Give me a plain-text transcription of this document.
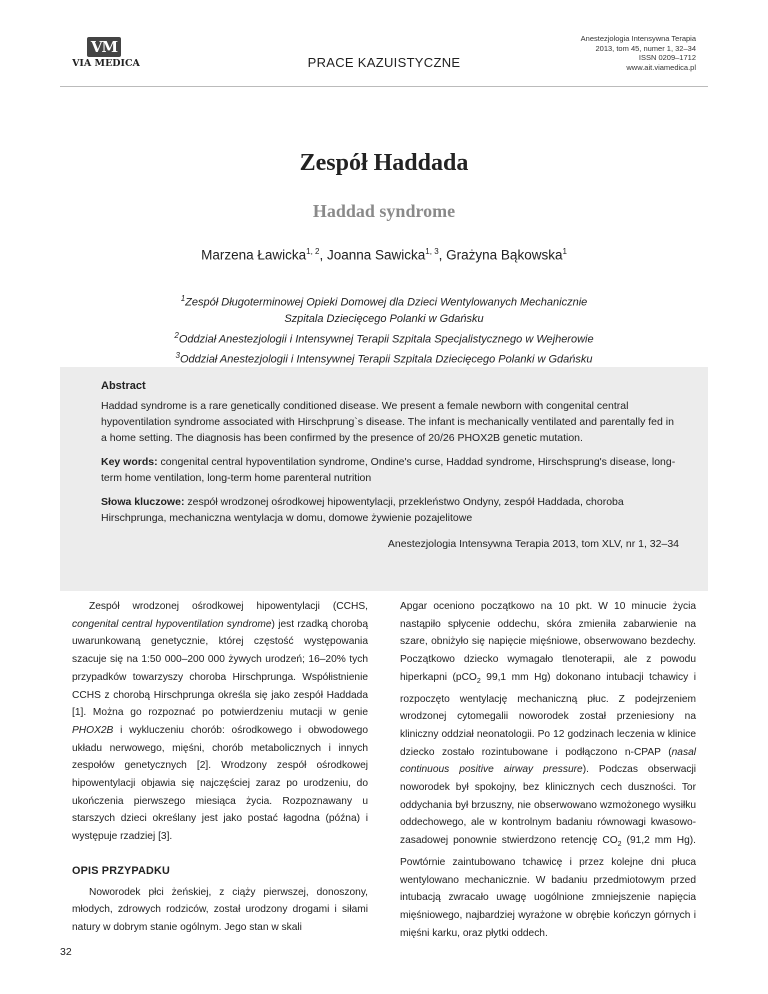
VM
VIA MEDICA	PRACE KAZUISTYCZNE
Anestezjologia Intensywna Terapia
2013, tom 45, numer 1, 32–34
ISSN 0209–1712
www.ait.viamedica.pl
Zespół Haddada
Haddad syndrome
Marzena Ławicka$^{1, 2}$, Joanna Sawicka$^{1, 3}$, Grażyna Bąkowska$^1$
$^1$Zespół Długoterminowej Opieki Domowej dla Dzieci Wentylowanych Mechanicznie
Szpitala Dziecięcego Polanki w Gdańsku
$^2$Oddział Anestezjologii i Intensywnej Terapii Szpitala Specjalistycznego w Wejherowie
$^3$Oddział Anestezjologii i Intensywnej Terapii Szpitala Dziecięcego Polanki w Gdańsku
Abstract
Haddad syndrome is a rare genetically conditioned disease. We present a female newborn with congenital central hypoventilation syndrome associated with Hirschprung`s disease. The infant is mechanically ventilated and parentally fed in a home setting. The diagnosis has been confirmed by the presence of 20/26 PHOX2B genetic mutation.
Key words: congenital central hypoventilation syndrome, Ondine's curse, Haddad syndrome, Hirschsprung's disease, long-term home ventilation, long-term home parenteral nutrition
Słowa kluczowe: zespół wrodzonej ośrodkowej hipowentylacji, przekleństwo Ondyny, zespół Haddada, choroba Hirschprunga, mechaniczna wentylacja w domu, domowe żywienie pozajelitowe
Anestezjologia Intensywna Terapia 2013, tom XLV, nr 1, 32–34

Zespół wrodzonej ośrodkowej hipowentylacji (CCHS, congenital central hypoventilation syndrome) jest rzadką chorobą uwarunkowaną genetycznie, której częstość występowania szacuje się na 1:50 000–200 000 żywych urodzeń; 16–20% tych przypadków towarzyszy choroba Hirschprunga. Współistnienie CCHS z chorobą Hirschprunga określa się jako zespół Haddada [1]. Można go rozpoznać po potwierdzeniu mutacji w genie PHOX2B i wykluczeniu chorób: ośrodkowego i obwodowego układu nerwowego, mięśni, chorób metabolicznych i innych zespołów genetycznych [2]. Wrodzony zespół ośrodkowej hipowentylacji objawia się najczęściej zaraz po urodzeniu, do ukończenia pierwszego miesiąca życia. Rozpoznawany u starszych dzieci określany jest jako postać łagodna (późna) i występuje rzadziej [3].

OPIS PRZYPADKU

Noworodek płci żeńskiej, z ciąży pierwszej, donoszony, młodych, zdrowych rodziców, został urodzony drogami i siłami natury w dobrym stanie ogólnym. Jego stan w skali

Apgar oceniono początkowo na 10 pkt. W 10 minucie życia nastąpiło spłycenie oddechu, skóra zmieniła zabarwienie na szare, obniżyło się napięcie mięśniowe, obserwowano bezdechy. Początkowo dziecko wymagało tlenoterapii, ale z powodu hiperkapni (pCO$_2$ 99,1 mm Hg) dokonano intubacji tchawicy i rozpoczęto wentylację mechaniczną płuc. Z podejrzeniem wrodzonej cytomegalii noworodek został przeniesiony na kliniczny oddział neonatologii. Po 12 godzinach leczenia w klinice dziecko zostało rozintubowane i podłączono n-CPAP (nasal continuous positive airway pressure). Podczas obserwacji noworodek był spokojny, bez klinicznych cech duszności. Tor oddychania był brzuszny, nie obserwowano wzmożonego wysiłku oddechowego, ale w kontrolnym badaniu równowagi kwasowo-zasadowej ponownie stwierdzono retencję $CO_2$ (91,2 mm Hg). Powtórnie zaintubowano tchawicę i przez kolejne dni płuca wentylowano mechanicznie. W badaniu przedmiotowym przed intubacją zwracało uwagę uogólnione zmniejszenie napięcia mięśniowego, najbardziej wyrażone w obrębie kończyn górnych i mięśni karku, oraz płytki oddech.

32
